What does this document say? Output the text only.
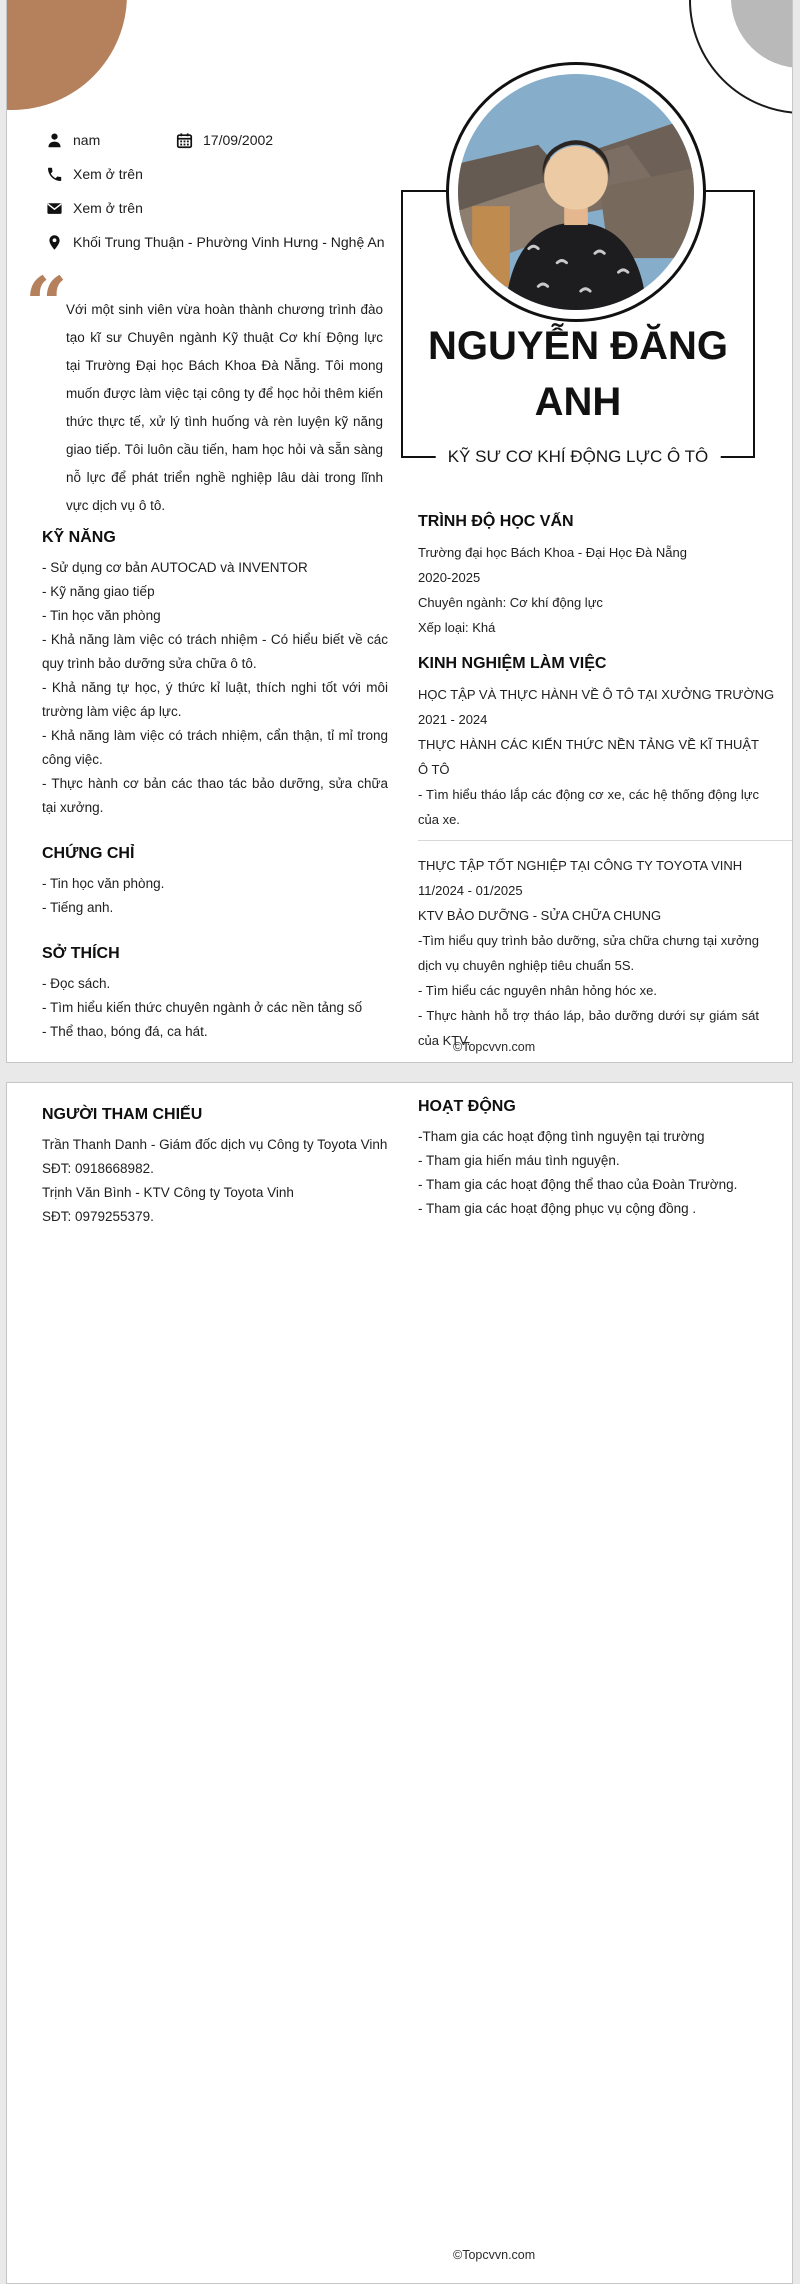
nam	17/09/2002
Xem ở trên
Xem ở trên
Khối Trung Thuận - Phường Vinh Hưng - Nghệ An
“
Với một sinh viên vừa hoàn thành chương trình đào tạo kĩ sư Chuyên ngành Kỹ thuật Cơ khí Động lực tại Trường Đại học Bách Khoa Đà Nẵng. Tôi mong muốn được làm việc tại công ty để học hỏi thêm kiến thức thực tế, xử lý tình huống và rèn luyện kỹ năng giao tiếp. Tôi luôn cầu tiến, ham học hỏi và sẵn sàng nỗ lực để phát triển nghề nghiệp lâu dài trong lĩnh vực dịch vụ ô tô.
NGUYỄN ĐĂNG ANH
KỸ SƯ CƠ KHÍ ĐỘNG LỰC Ô TÔ
KỸ NĂNG

- Sử dụng cơ bản AUTOCAD và INVENTOR

- Kỹ năng giao tiếp

- Tin học văn phòng

- Khả năng làm việc có trách nhiệm - Có hiểu biết về các quy trình bảo dưỡng sửa chữa ô tô.

- Khả năng tự học, ý thức kỉ luật, thích nghi tốt với môi trường làm việc áp lực.

- Khả năng làm việc có trách nhiệm, cẩn thận, tỉ mỉ trong công việc.

- Thực hành cơ bản các thao tác bảo dưỡng, sửa chữa tại xưởng.

CHỨNG CHỈ

- Tin học văn phòng.

- Tiếng anh.

SỞ THÍCH

- Đọc sách.

- Tìm hiểu kiến thức chuyên ngành ở các nền tảng số

- Thể thao, bóng đá, ca hát.

TRÌNH ĐỘ HỌC VẤN

Trường đại học Bách Khoa - Đại Học Đà Nẵng

2020-2025

Chuyên ngành: Cơ khí động lực

Xếp loại: Khá

KINH NGHIỆM LÀM VIỆC

HỌC TẬP VÀ THỰC HÀNH VỀ Ô TÔ TẠI XƯỞNG TRƯỜNG

2021 - 2024

THỰC HÀNH CÁC KIẾN THỨC NỀN TẢNG VỀ KĨ THUẬT Ô TÔ

- Tìm hiểu tháo lắp các động cơ xe, các hệ thống động lực của xe.

THỰC TẬP TỐT NGHIỆP TẠI CÔNG TY TOYOTA VINH

11/2024 - 01/2025

KTV BẢO DƯỠNG - SỬA CHỮA CHUNG

-Tìm hiểu quy trình bảo dưỡng, sửa chữa chưng tại xưởng dịch vụ chuyên nghiệp tiêu chuẩn 5S.

- Tìm hiểu các nguyên nhân hỏng hóc xe.

- Thực hành hỗ trợ tháo láp, bảo dưỡng dưới sự giám sát của KTV.

©Topcvvn.com
NGƯỜI THAM CHIẾU

Trần Thanh Danh - Giám đốc dịch vụ Công ty Toyota Vinh

SĐT: 0918668982.

Trịnh Văn Bình - KTV Công ty Toyota Vinh

SĐT: 0979255379.

HOẠT ĐỘNG

-Tham gia các hoạt động tình nguyện tại trường

- Tham gia hiến máu tình nguyện.

- Tham gia các hoạt động thể thao của Đoàn Trường.

- Tham gia các hoạt động phục vụ cộng đồng .

©Topcvvn.com
